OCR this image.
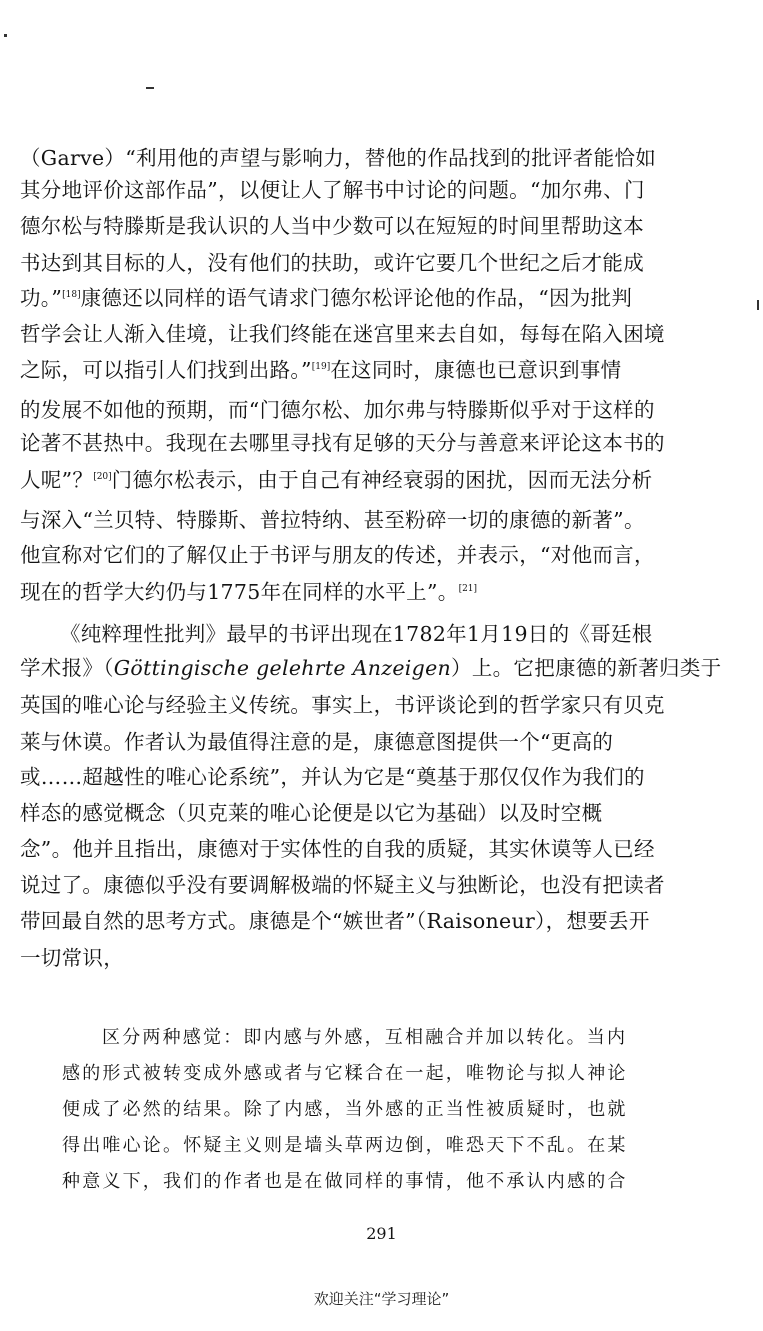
（Garve）“利用他的声望与影响力，替他的作品找到的批评者能恰如
其分地评价这部作品”，以便让人了解书中讨论的问题。“加尔弗、门
德尔松与特滕斯是我认识的人当中少数可以在短短的时间里帮助这本
书达到其目标的人，没有他们的扶助，或许它要几个世纪之后才能成
功。”[18]康德还以同样的语气请求门德尔松评论他的作品，“因为批判
哲学会让人渐入佳境，让我们终能在迷宫里来去自如，每每在陷入困境
之际，可以指引人们找到出路。”[19]在这同时，康德也已意识到事情
的发展不如他的预期，而“门德尔松、加尔弗与特滕斯似乎对于这样的
论著不甚热中。我现在去哪里寻找有足够的天分与善意来评论这本书的
人呢”？[20]门德尔松表示，由于自己有神经衰弱的困扰，因而无法分析
与深入“兰贝特、特滕斯、普拉特纳、甚至粉碎一切的康德的新著”。
他宣称对它们的了解仅止于书评与朋友的传述，并表示，“对他而言，
现在的哲学大约仍与1775年在同样的水平上”。[21]
《纯粹理性批判》最早的书评出现在1782年1月19日的《哥廷根
学术报》（Göttingische gelehrte Anzeigen）上。它把康德的新著归类于
英国的唯心论与经验主义传统。事实上，书评谈论到的哲学家只有贝克
莱与休谟。作者认为最值得注意的是，康德意图提供一个“更高的
或……超越性的唯心论系统”，并认为它是“奠基于那仅仅作为我们的
样态的感觉概念（贝克莱的唯心论便是以它为基础）以及时空概
念”。他并且指出，康德对于实体性的自我的质疑，其实休谟等人已经
说过了。康德似乎没有要调解极端的怀疑主义与独断论，也没有把读者
带回最自然的思考方式。康德是个“嫉世者”（Raisoneur），想要丢开
一切常识，
区分两种感觉：即内感与外感，互相融合并加以转化。当内
感的形式被转变成外感或者与它糅合在一起，唯物论与拟人神论
便成了必然的结果。除了内感，当外感的正当性被质疑时，也就
得出唯心论。怀疑主义则是墙头草两边倒，唯恐天下不乱。在某
种意义下，我们的作者也是在做同样的事情，他不承认内感的合
291
欢迎关注“学习理论”
